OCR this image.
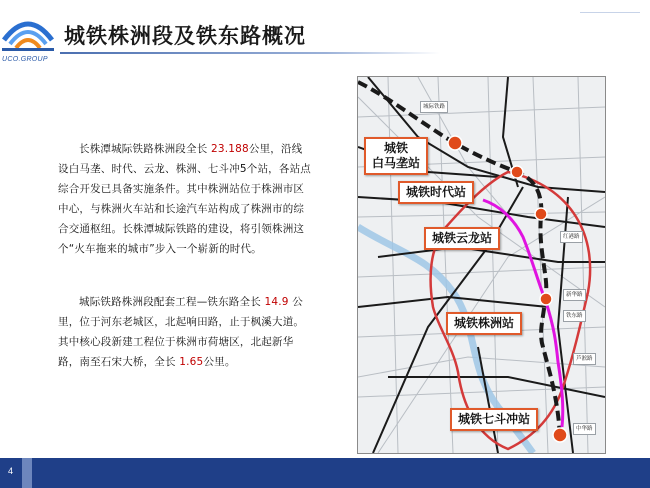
UCO.GROUP
城铁株洲段及铁东路概况

长株潭城际铁路株洲段全长 23.188公里，沿线设白马垄、时代、云龙、株洲、七斗冲5个站，各站点综合开发已具备实施条件。其中株洲站位于株洲市区中心，与株洲火车站和长途汽车站构成了株洲市的综合交通枢纽。长株潭城际铁路的建设，将引领株洲这个“火车拖来的城市”步入一个崭新的时代。

城际铁路株洲段配套工程—铁东路全长 14.9 公里，位于河东老城区，北起响田路，止于枫溪大道。其中核心段新建工程位于株洲市荷塘区，北起新华路，南至石宋大桥，全长 1.65公里。

城际铁路
红港路
新华路
铁东路
芦淞路
中华路
城铁
白马垄站
城铁时代站
城铁云龙站
城铁株洲站
城铁七斗冲站
4
